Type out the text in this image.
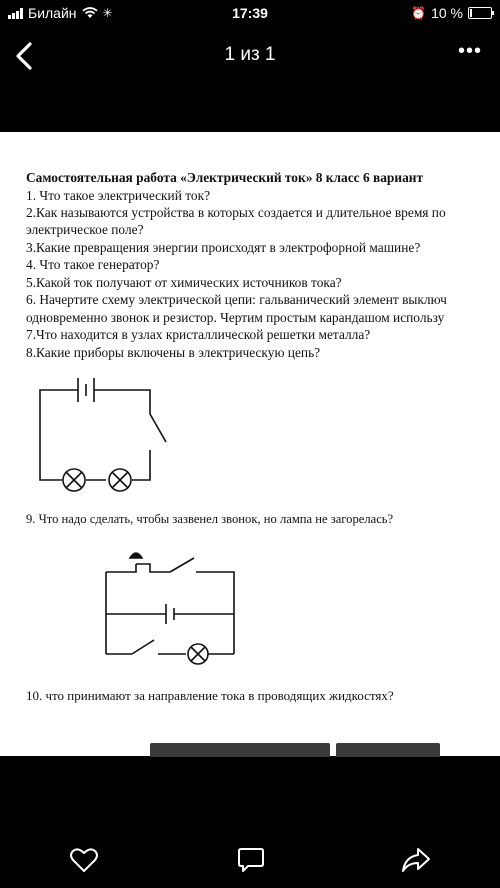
Билайн ✳	17:39	⏰ 10 %
1 из 1	•••

Самостоятельная работа «Электрический ток» 8 класс 6 вариант

1. Что такое электрический ток?

2.Как называются устройства в которых создается и длительное время по

электрическое поле?

3.Какие превращения энергии происходят в электрофорной машине?

4. Что такое генератор?

5.Какой ток получают от химических источников тока?

6. Начертите схему электрической цепи: гальванический элемент выключ

одновременно звонок и резистор. Чертим простым карандашом использу

7.Что находится в узлах кристаллической решетки металла?

8.Какие приборы включены в электрическую цепь?

9. Что надо сделать, чтобы зазвенел звонок, но лампа не загорелась?

10. что принимают за направление тока в проводящих жидкостях?
